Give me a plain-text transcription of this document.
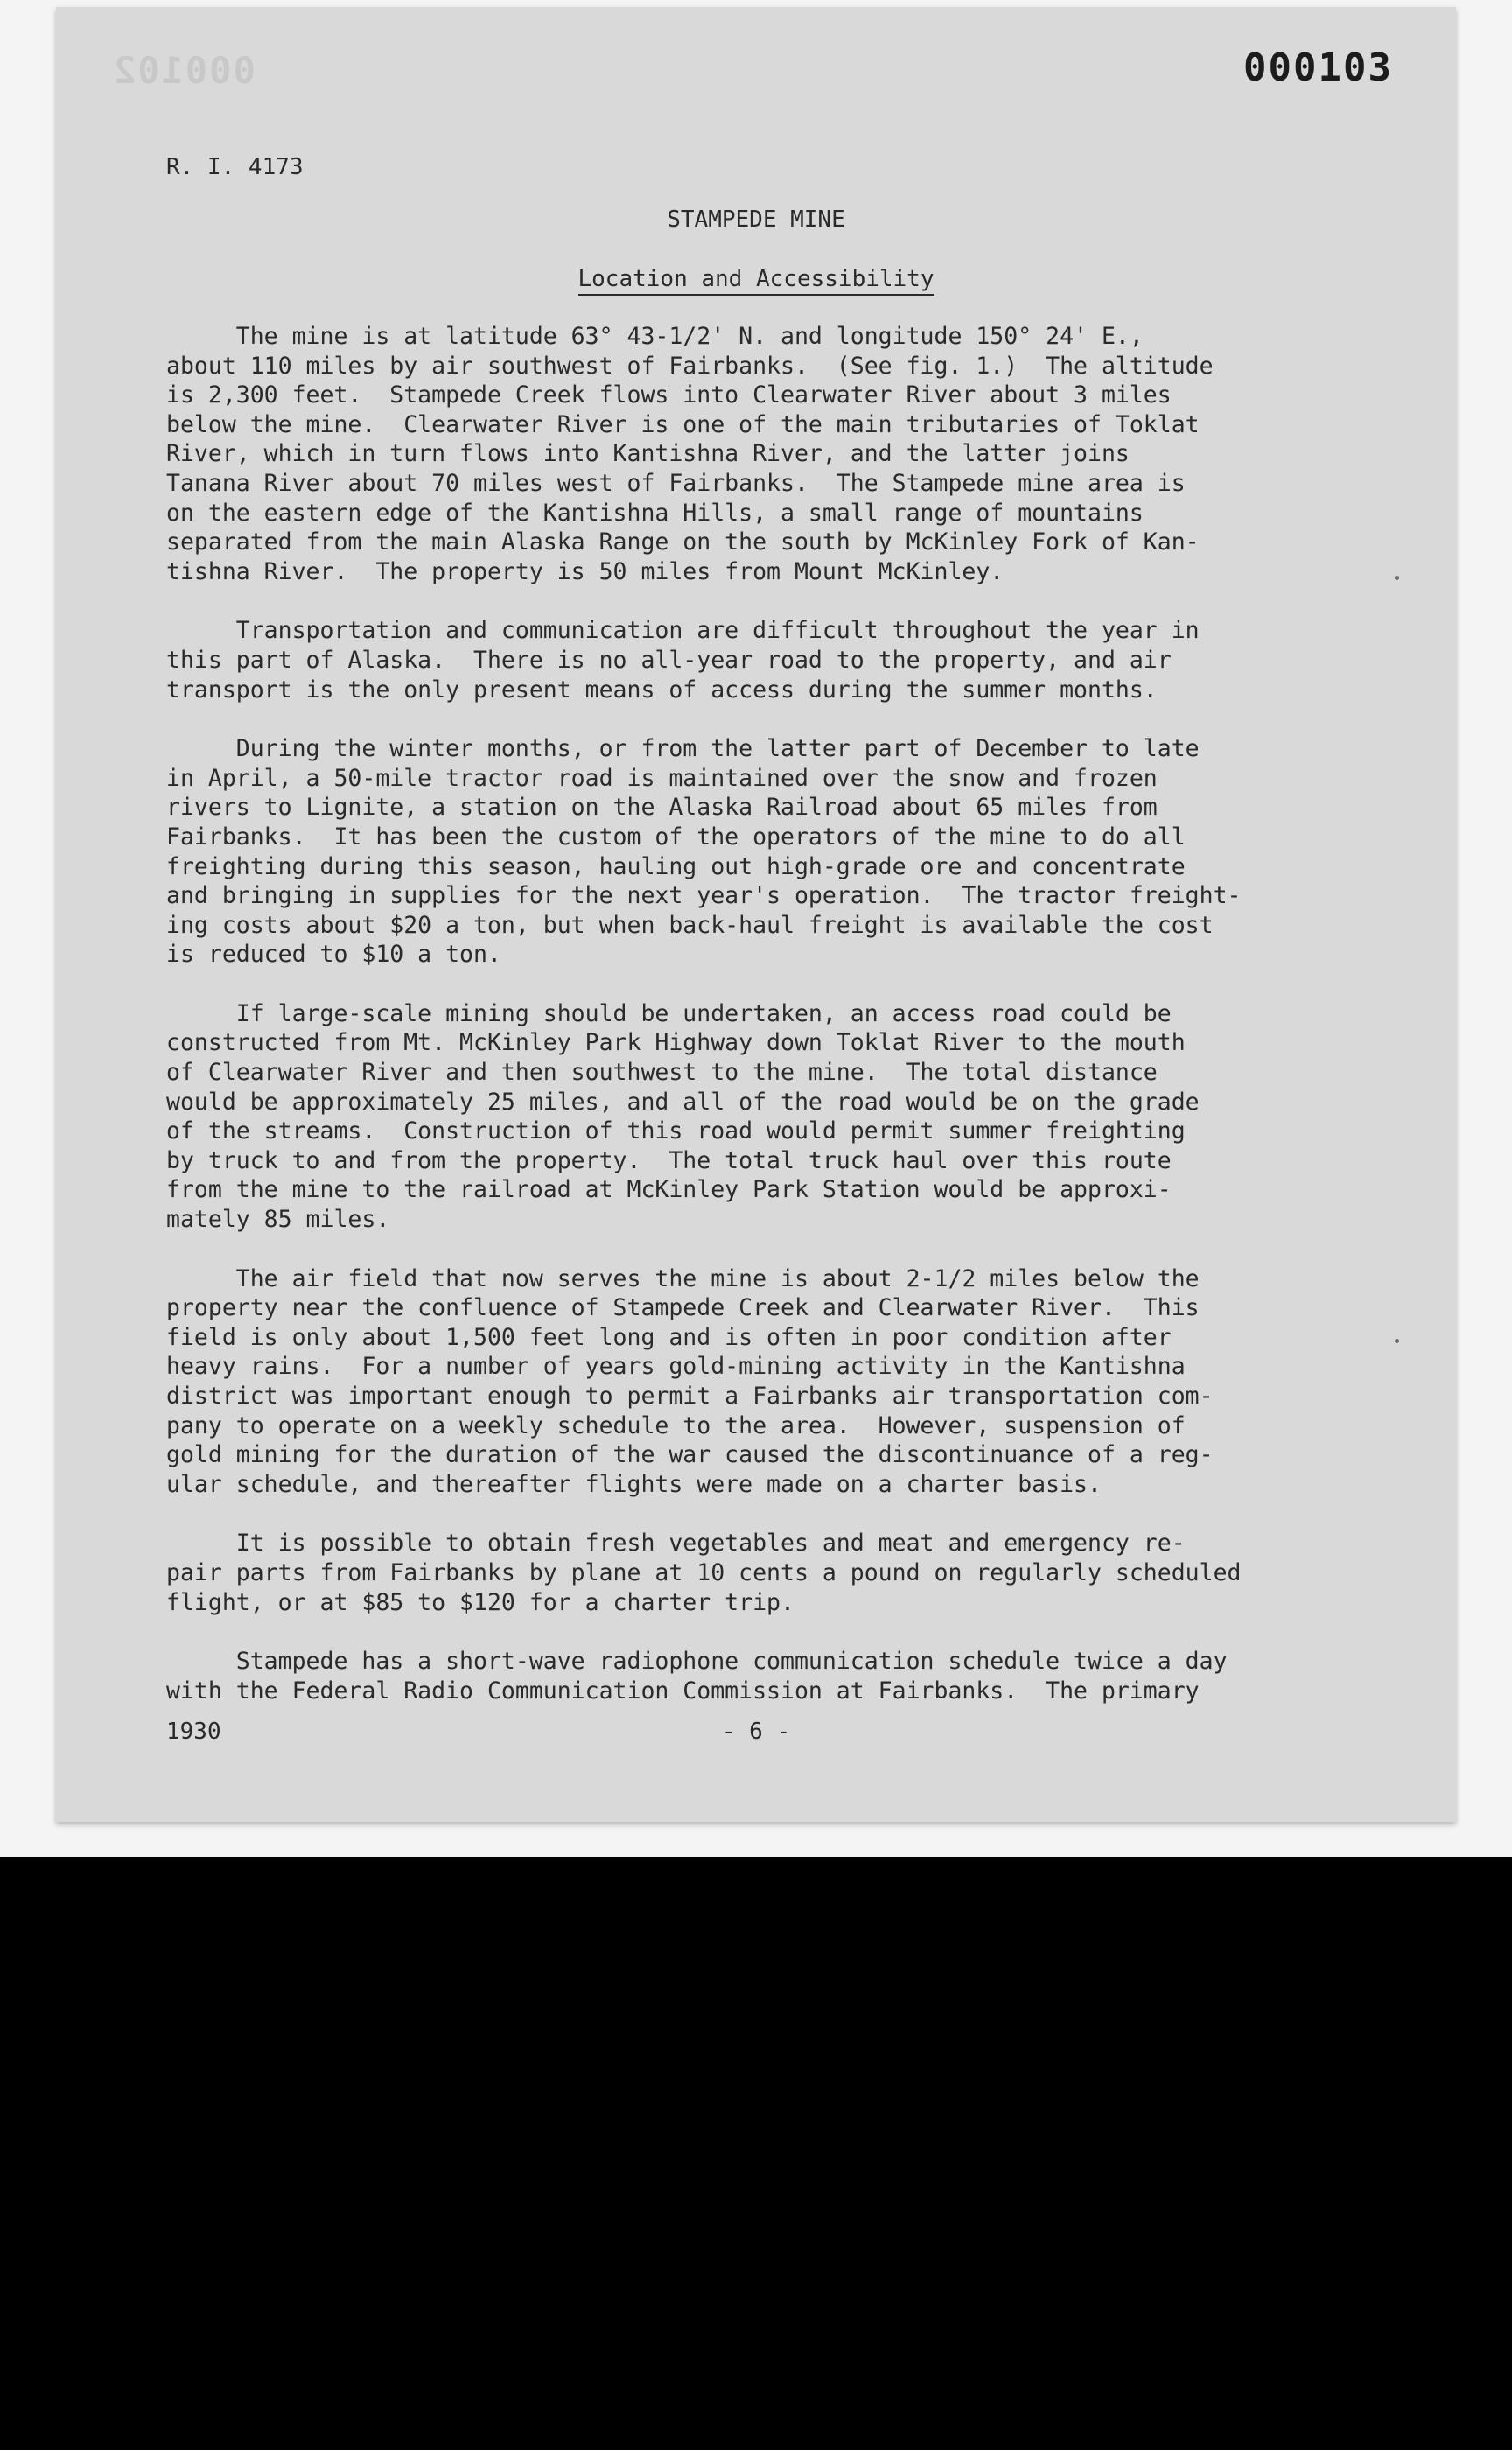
000102	000103
R. I. 4173
STAMPEDE MINE
Location and Accessibility
The mine is at latitude 63° 43-1/2' N. and longitude 150° 24' E.,
about 110 miles by air southwest of Fairbanks.  (See fig. 1.)  The altitude
is 2,300 feet.  Stampede Creek flows into Clearwater River about 3 miles
below the mine.  Clearwater River is one of the main tributaries of Toklat
River, which in turn flows into Kantishna River, and the latter joins
Tanana River about 70 miles west of Fairbanks.  The Stampede mine area is
on the eastern edge of the Kantishna Hills, a small range of mountains
separated from the main Alaska Range on the south by McKinley Fork of Kan-
tishna River.  The property is 50 miles from Mount McKinley.
Transportation and communication are difficult throughout the year in
this part of Alaska.  There is no all-year road to the property, and air
transport is the only present means of access during the summer months.
During the winter months, or from the latter part of December to late
in April, a 50-mile tractor road is maintained over the snow and frozen
rivers to Lignite, a station on the Alaska Railroad about 65 miles from
Fairbanks.  It has been the custom of the operators of the mine to do all
freighting during this season, hauling out high-grade ore and concentrate
and bringing in supplies for the next year's operation.  The tractor freight-
ing costs about $20 a ton, but when back-haul freight is available the cost
is reduced to $10 a ton.
If large-scale mining should be undertaken, an access road could be
constructed from Mt. McKinley Park Highway down Toklat River to the mouth
of Clearwater River and then southwest to the mine.  The total distance
would be approximately 25 miles, and all of the road would be on the grade
of the streams.  Construction of this road would permit summer freighting
by truck to and from the property.  The total truck haul over this route
from the mine to the railroad at McKinley Park Station would be approxi-
mately 85 miles.
The air field that now serves the mine is about 2-1/2 miles below the
property near the confluence of Stampede Creek and Clearwater River.  This
field is only about 1,500 feet long and is often in poor condition after
heavy rains.  For a number of years gold-mining activity in the Kantishna
district was important enough to permit a Fairbanks air transportation com-
pany to operate on a weekly schedule to the area.  However, suspension of
gold mining for the duration of the war caused the discontinuance of a reg-
ular schedule, and thereafter flights were made on a charter basis.
It is possible to obtain fresh vegetables and meat and emergency re-
pair parts from Fairbanks by plane at 10 cents a pound on regularly scheduled
flight, or at $85 to $120 for a charter trip.
Stampede has a short-wave radiophone communication schedule twice a day
with the Federal Radio Communication Commission at Fairbanks.  The primary
1930	- 6 -
